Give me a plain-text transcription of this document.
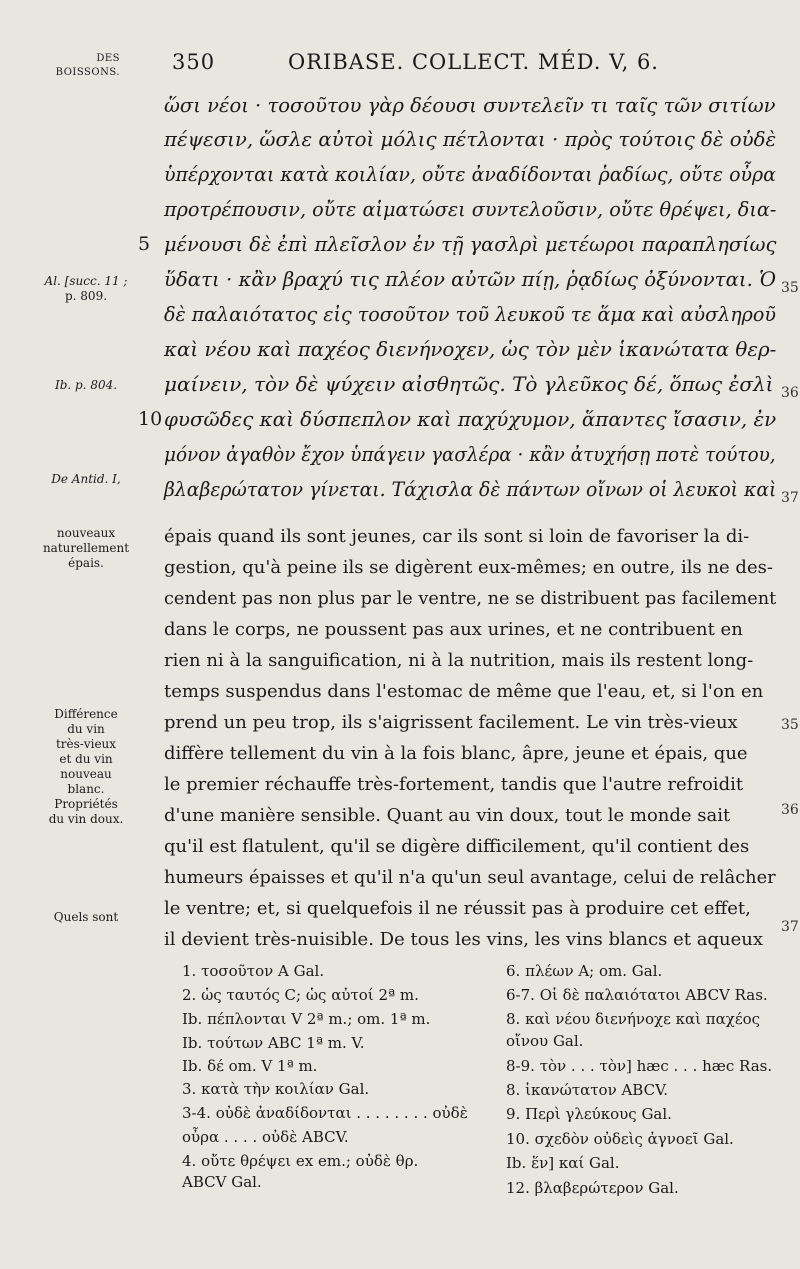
DES
BOISSONS. 350	ORIBASE. COLLECT. MÉD. V, 6.
ὥσι νέοι · τοσοῦτου γὰρ δέουσι συντελεῖν τι ταῖς τῶν σιτίων
πέψεσιν, ὥσλε αὐτοὶ μόλις πέτλονται · πρὸς τούτοις δὲ οὐδὲ
ὑπέρχονται κατὰ κοιλίαν, οὔτε ἀναδίδονται ῥαδίως, οὔτε οὖρα
προτρέπουσιν, οὔτε αἱματώσει συντελοῦσιν, οὔτε θρέψει, δια-
μένουσι δὲ ἐπὶ πλεῖσλον ἐν τῇ γασλρὶ μετέωροι παραπλησίως
ὕδατι · κἂν βραχύ τις πλέον αὐτῶν πίῃ, ῥᾳδίως ὀξύνονται. Ὁ
δὲ παλαιότατος εἰς τοσοῦτον τοῦ λευκοῦ τε ἅμα καὶ αὐσληροῦ
καὶ νέου καὶ παχέος διενήνοχεν, ὡς τὸν μὲν ἱκανώτατα θερ-
μαίνειν, τὸν δὲ ψύχειν αἰσθητῶς. Τὸ γλεῦκος δέ, ὅπως ἐσλὶ
φυσῶδες καὶ δύσπεπλον καὶ παχύχυμον, ἅπαντες ἴσασιν, ἐν
μόνον ἀγαθὸν ἔχον ὑπάγειν γασλέρα · κἂν ἀτυχήσῃ ποτὲ τούτου,
βλαβερώτατον γίνεται. Τάχισλα δὲ πάντων οἴνων οἱ λευκοὶ καὶ
5
10
35
36
37
35
36
37
Al. [succ. 11 ;
p. 809.
Ib. p. 804.
De Antid. I,
nouveaux
naturellement
épais.
Différence
du vin
très-vieux
et du vin
nouveau
blanc.
Propriétés
du vin doux.
Quels sont
épais quand ils sont jeunes, car ils sont si loin de favoriser la di-
gestion, qu'à peine ils se digèrent eux-mêmes; en outre, ils ne des-
cendent pas non plus par le ventre, ne se distribuent pas facilement
dans le corps, ne poussent pas aux urines, et ne contribuent en
rien ni à la sanguification, ni à la nutrition, mais ils restent long-
temps suspendus dans l'estomac de même que l'eau, et, si l'on en
prend un peu trop, ils s'aigrissent facilement. Le vin très-vieux
diffère tellement du vin à la fois blanc, âpre, jeune et épais, que
le premier réchauffe très-fortement, tandis que l'autre refroidit
d'une manière sensible. Quant au vin doux, tout le monde sait
qu'il est flatulent, qu'il se digère difficilement, qu'il contient des
humeurs épaisses et qu'il n'a qu'un seul avantage, celui de relâcher
le ventre; et, si quelquefois il ne réussit pas à produire cet effet,
il devient très-nuisible. De tous les vins, les vins blancs et aqueux
1. τοσοῦτον A Gal.
2. ὡς ταυτός C; ὡς αὐτοί 2ª m.
Ib. πέπλονται V 2ª m.; om. 1ª m.
Ib. τούτων ABC 1ª m. V.
Ib. δέ om. V 1ª m.
3. κατὰ τὴν κοιλίαν Gal.
3-4. οὐδὲ ἀναδίδονται . . . . . . . . οὐδὲ
οὖρα . . . . οὐδὲ ABCV.
4. οὔτε θρέψει ex em.; οὐδὲ θρ.
ABCV Gal.
6. πλέων A; om. Gal.
6-7. Οἱ δὲ παλαιότατοι ABCV Ras.
8. καὶ νέου διενήνοχε καὶ παχέος
οἴνου Gal.
8-9. τὸν . . . τὸν] hæc . . . hæc Ras.
8. ἱκανώτατον ABCV.
9. Περὶ γλεύκους Gal.
10. σχεδὸν οὐδεὶς ἀγνοεῖ Gal.
Ib. ἕν] καί Gal.
12. βλαβερώτερον Gal.
